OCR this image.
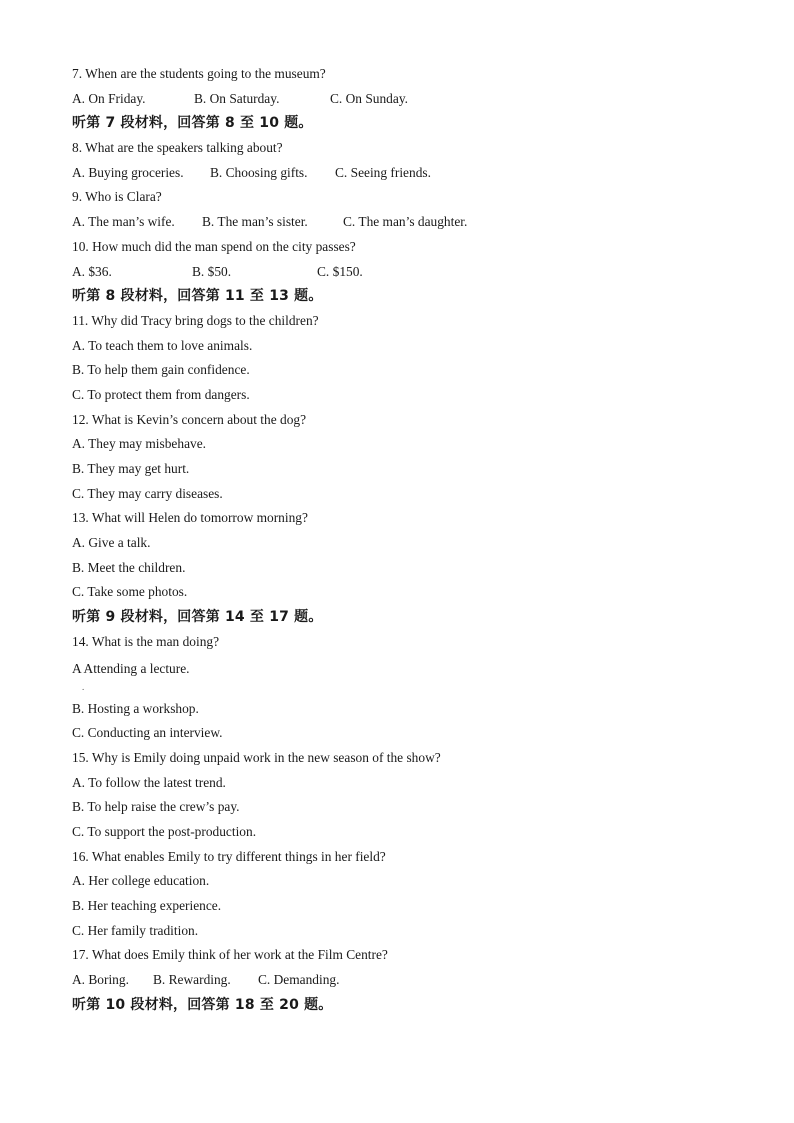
7. When are the students going to the museum?
A. On Friday.	B. On Saturday.	C. On Sunday.
听第 7 段材料，回答第 8 至 10 题。
8. What are the speakers talking about?
A. Buying groceries. B. Choosing gifts. C. Seeing friends.
9. Who is Clara?
A. The man’s wife. B. The man’s sister.	C. The man’s daughter.
10. How much did the man spend on the city passes?
A. $36.	B. $50.	C. $150.
听第 8 段材料，回答第 11 至 13 题。
11. Why did Tracy bring dogs to the children?
A. To teach them to love animals.
B. To help them gain confidence.
C. To protect them from dangers.
12. What is Kevin’s concern about the dog?
A. They may misbehave.
B. They may get hurt.
C. They may carry diseases.
13. What will Helen do tomorrow morning?
A. Give a talk.
B. Meet the children.
C. Take some photos.
听第 9 段材料，回答第 14 至 17 题。
14. What is the man doing?
A Attending a lecture.
.
B. Hosting a workshop.
C. Conducting an interview.
15. Why is Emily doing unpaid work in the new season of the show?
A. To follow the latest trend.
B. To help raise the crew’s pay.
C. To support the post-production.
16. What enables Emily to try different things in her field?
A. Her college education.
B. Her teaching experience.
C. Her family tradition.
17. What does Emily think of her work at the Film Centre?
A. Boring. B. Rewarding. C. Demanding.
听第 10 段材料，回答第 18 至 20 题。
